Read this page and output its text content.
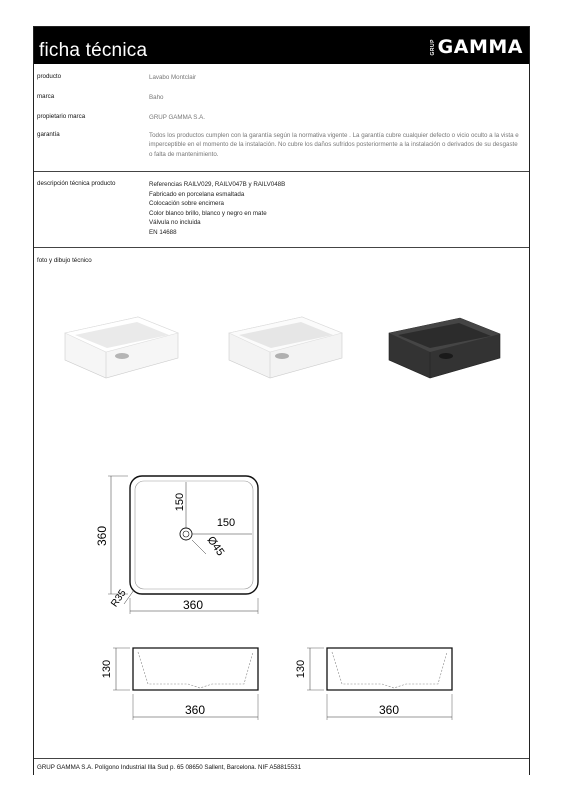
ficha técnica	GRUP GAMMA
producto	Lavabo Montclair
marca	Baho
propietario marca	GRUP GAMMA S.A.
garantía	Todos los productos cumplen con la garantía según la normativa vigente . La garantía cubre cualquier defecto o vicio oculto a la vista e imperceptible en el momento de la instalación. No cubre los daños sufridos posteriormente a la instalación o derivados de su desgaste o falta de mantenimiento.
descripción técnica producto	Referencias RAILV029, RAILV047B y RAILV048B
Fabricado en porcelana esmaltada
Colocación sobre encimera
Color blanco brillo, blanco y negro en mate
Válvula no incluida
EN 14688
foto y dibujo técnico
GRUP GAMMA S.A. Polígono Industrial Illa Sud p. 65 08650 Sallent, Barcelona. NIF A58815531
360
360
R35
150
150
Ø45
130
360
130
360
